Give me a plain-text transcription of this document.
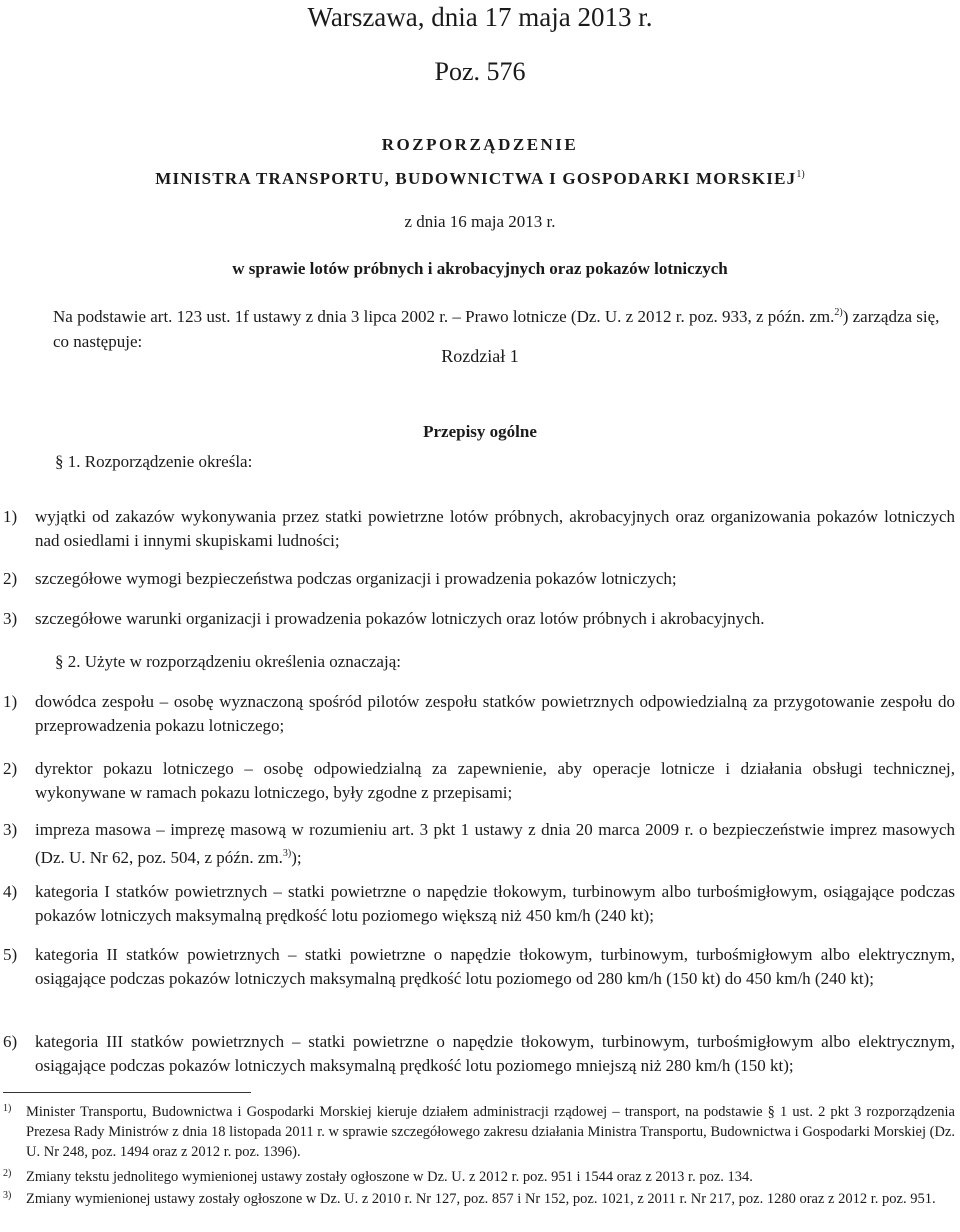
Warszawa, dnia 17 maja 2013 r.
Poz. 576
ROZPORZĄDZENIE
MINISTRA TRANSPORTU, BUDOWNICTWA I GOSPODARKI MORSKIEJ$^{1)}$
z dnia 16 maja 2013 r.
w sprawie lotów próbnych i akrobacyjnych oraz pokazów lotniczych
Na podstawie art. 123 ust. 1f ustawy z dnia 3 lipca 2002 r. – Prawo lotnicze (Dz. U. z 2012 r. poz. 933, z późn. zm.$^{2)}$) zarządza się, co następuje:
Rozdział 1
Przepisy ogólne
§ 1. Rozporządzenie określa:
1)	wyjątki od zakazów wykonywania przez statki powietrzne lotów próbnych, akrobacyjnych oraz organizowania pokazów lotniczych nad osiedlami i innymi skupiskami ludności;
2)	szczegółowe wymogi bezpieczeństwa podczas organizacji i prowadzenia pokazów lotniczych;
3)	szczegółowe warunki organizacji i prowadzenia pokazów lotniczych oraz lotów próbnych i akrobacyjnych.
§ 2. Użyte w rozporządzeniu określenia oznaczają:
1)	dowódca zespołu – osobę wyznaczoną spośród pilotów zespołu statków powietrznych odpowiedzialną za przygotowanie zespołu do przeprowadzenia pokazu lotniczego;
2)	dyrektor pokazu lotniczego – osobę odpowiedzialną za zapewnienie, aby operacje lotnicze i działania obsługi technicznej, wykonywane w ramach pokazu lotniczego, były zgodne z przepisami;
3)	impreza masowa – imprezę masową w rozumieniu art. 3 pkt 1 ustawy z dnia 20 marca 2009 r. o bezpieczeństwie imprez masowych (Dz. U. Nr 62, poz. 504, z późn. zm.$^{3)}$);
4)	kategoria I statków powietrznych – statki powietrzne o napędzie tłokowym, turbinowym albo turbośmigłowym, osiągające podczas pokazów lotniczych maksymalną prędkość lotu poziomego większą niż 450 km/h (240 kt);
5)	kategoria II statków powietrznych – statki powietrzne o napędzie tłokowym, turbinowym, turbośmigłowym albo elektrycznym, osiągające podczas pokazów lotniczych maksymalną prędkość lotu poziomego od 280 km/h (150 kt) do 450 km/h (240 kt);
6)	kategoria III statków powietrznych – statki powietrzne o napędzie tłokowym, turbinowym, turbośmigłowym albo elektrycznym, osiągające podczas pokazów lotniczych maksymalną prędkość lotu poziomego mniejszą niż 280 km/h (150 kt);
1) Minister Transportu, Budownictwa i Gospodarki Morskiej kieruje działem administracji rządowej – transport, na podstawie § 1 ust. 2 pkt 3 rozporządzenia Prezesa Rady Ministrów z dnia 18 listopada 2011 r. w sprawie szczegółowego zakresu działania Ministra Transportu, Budownictwa i Gospodarki Morskiej (Dz. U. Nr 248, poz. 1494 oraz z 2012 r. poz. 1396).
2) Zmiany tekstu jednolitego wymienionej ustawy zostały ogłoszone w Dz. U. z 2012 r. poz. 951 i 1544 oraz z 2013 r. poz. 134.
3) Zmiany wymienionej ustawy zostały ogłoszone w Dz. U. z 2010 r. Nr 127, poz. 857 i Nr 152, poz. 1021, z 2011 r. Nr 217, poz. 1280 oraz z 2012 r. poz. 951.
